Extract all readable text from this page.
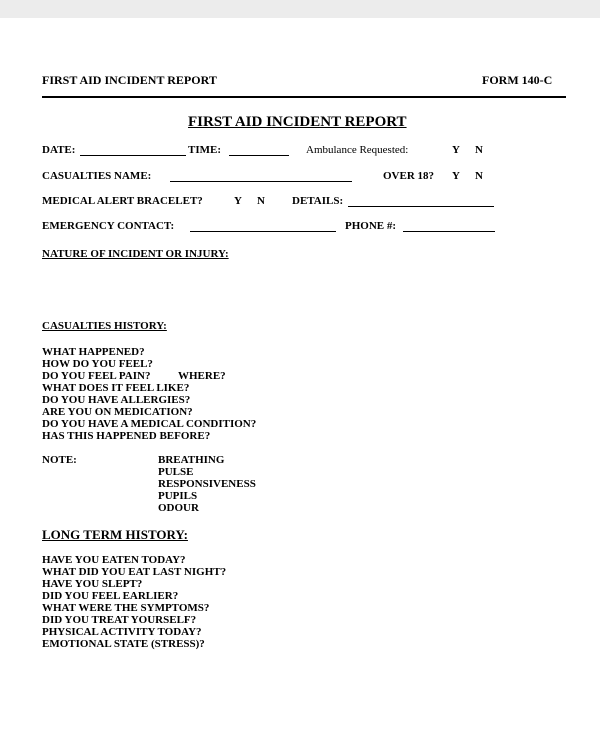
FIRST AID INCIDENT REPORT	FORM 140-C
FIRST AID INCIDENT REPORT
DATE:	TIME:	Ambulance Requested:	Y N
CASUALTIES NAME:	OVER 18? Y N
MEDICAL ALERT BRACELET?	Y N DETAILS:
EMERGENCY CONTACT:	PHONE #:
NATURE OF INCIDENT OR INJURY:
CASUALTIES HISTORY:
WHAT HAPPENED?
HOW DO YOU FEEL?
DO YOU FEEL PAIN?	WHERE?
WHAT DOES IT FEEL LIKE?
DO YOU HAVE ALLERGIES?
ARE YOU ON MEDICATION?
DO YOU HAVE A MEDICAL CONDITION?
HAS THIS HAPPENED BEFORE?
NOTE:	BREATHING
PULSE
RESPONSIVENESS
PUPILS
ODOUR
LONG TERM HISTORY:
HAVE YOU EATEN TODAY?
WHAT DID YOU EAT LAST NIGHT?
HAVE YOU SLEPT?
DID YOU FEEL EARLIER?
WHAT WERE THE SYMPTOMS?
DID YOU TREAT YOURSELF?
PHYSICAL ACTIVITY TODAY?
EMOTIONAL STATE (STRESS)?
